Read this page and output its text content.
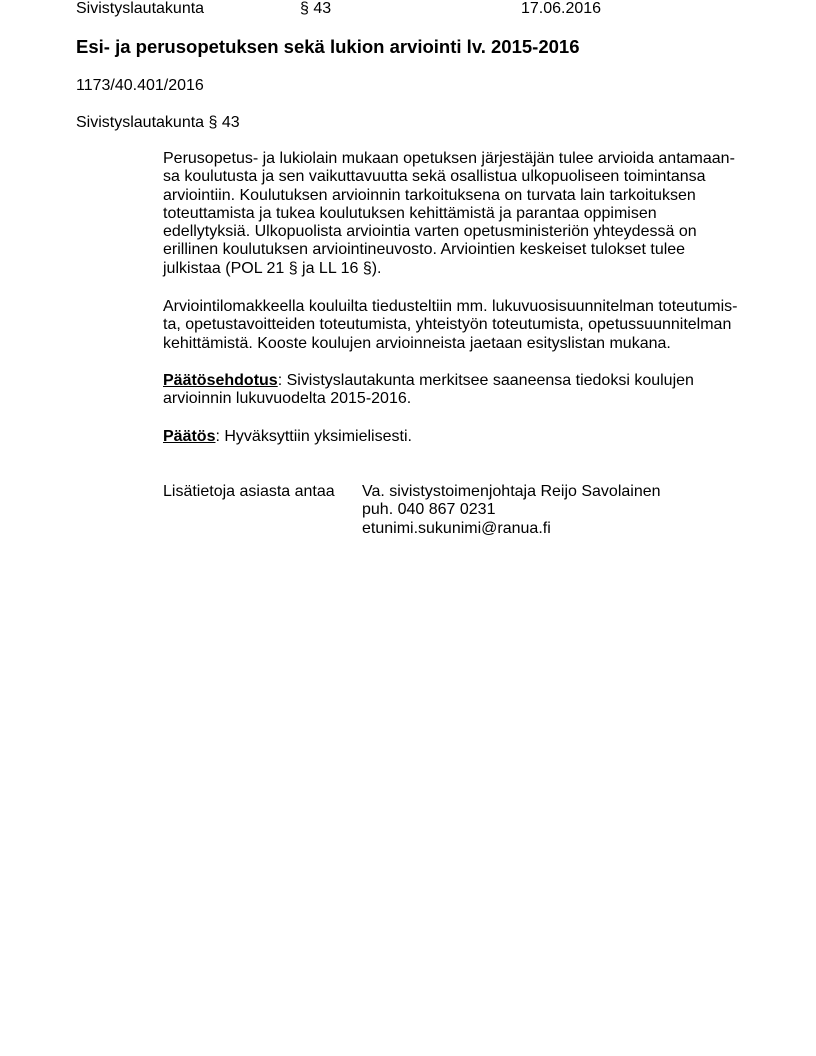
Sivistyslautakunta	§ 43	17.06.2016
Esi- ja perusopetuksen sekä lukion arviointi lv. 2015-2016
1173/40.401/2016
Sivistyslautakunta § 43
Perusopetus- ja lukiolain mukaan opetuksen järjestäjän tulee arvioida antamaan-
sa koulutusta ja sen vaikuttavuutta sekä osallistua ulkopuoliseen toimintansa
arviointiin. Koulutuksen arvioinnin tarkoituksena on turvata lain tarkoituksen
toteuttamista ja tukea koulutuksen kehittämistä ja parantaa oppimisen
edellytyksiä. Ulkopuolista arviointia varten opetusministeriön yhteydessä on
erillinen koulutuksen arviointineuvosto. Arviointien keskeiset tulokset tulee
julkistaa (POL 21 § ja LL 16 §).
Arviointilomakkeella kouluilta tiedusteltiin mm. lukuvuosisuunnitelman toteutumis-
ta, opetustavoitteiden toteutumista, yhteistyön toteutumista, opetussuunnitelman
kehittämistä. Kooste koulujen arvioinneista jaetaan esityslistan mukana.
Päätösehdotus: Sivistyslautakunta merkitsee saaneensa tiedoksi koulujen
arvioinnin lukuvuodelta 2015-2016.
Päätös: Hyväksyttiin yksimielisesti.
Lisätietoja asiasta antaa Va. sivistystoimenjohtaja Reijo Savolainen
puh. 040 867 0231
etunimi.sukunimi@ranua.fi
